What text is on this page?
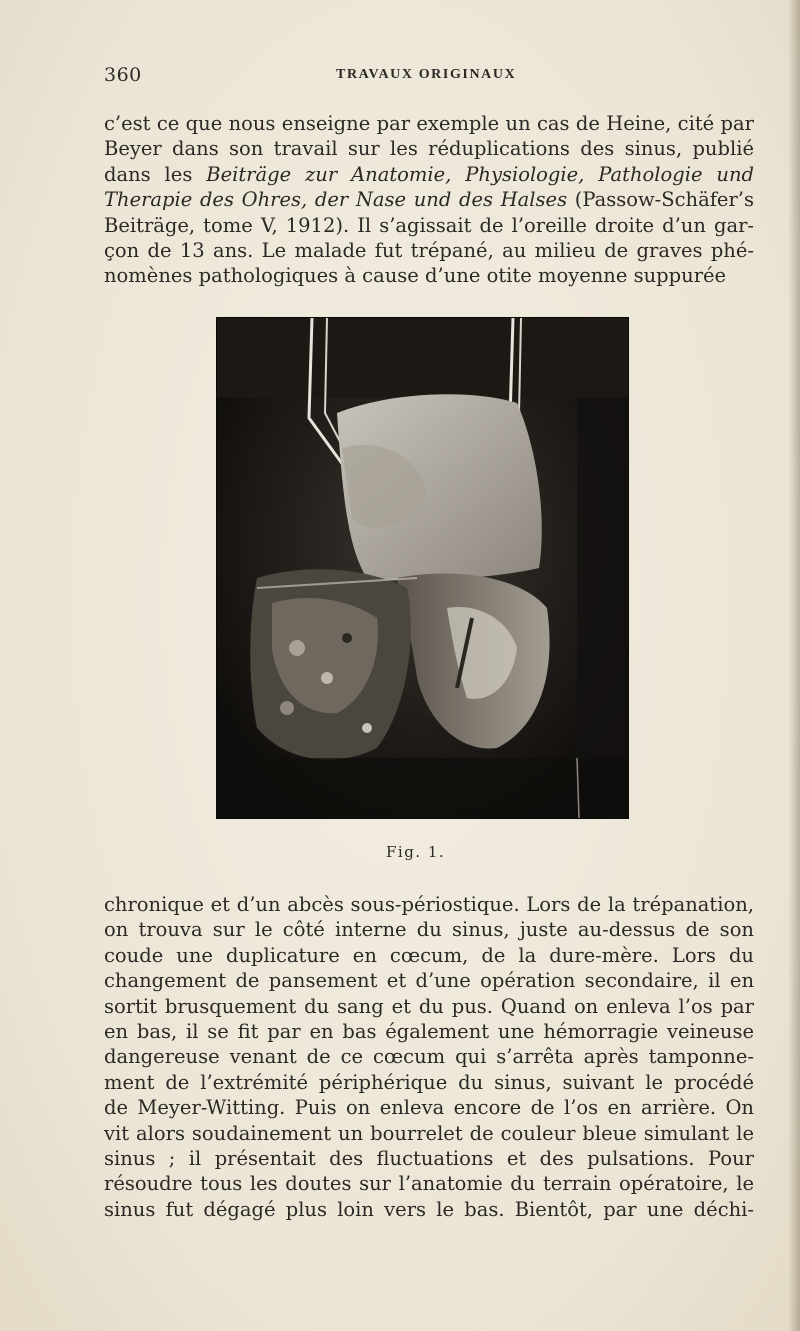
360	TRAVAUX ORIGINAUX
c’est ce que nous enseigne par exemple un cas de Heine, cité par
Beyer dans son travail sur les réduplications des sinus, publié
dans les Beiträge zur Anatomie, Physiologie, Pathologie und
Therapie des Ohres, der Nase und des Halses (Passow-Schäfer’s
Beiträge, tome V, 1912). Il s’agissait de l’oreille droite d’un gar-
çon de 13 ans. Le malade fut trépané, au milieu de graves phé-
nomènes pathologiques à cause d’une otite moyenne suppurée
Fig. 1.
chronique et d’un abcès sous-périostique. Lors de la trépanation,
on trouva sur le côté interne du sinus, juste au-dessus de son
coude une duplicature en cœcum, de la dure-mère. Lors du
changement de pansement et d’une opération secondaire, il en
sortit brusquement du sang et du pus. Quand on enleva l’os par
en bas, il se fit par en bas également une hémorragie veineuse
dangereuse venant de ce cœcum qui s’arrêta après tamponne-
ment de l’extrémité périphérique du sinus, suivant le procédé
de Meyer-Witting. Puis on enleva encore de l’os en arrière. On
vit alors soudainement un bourrelet de couleur bleue simulant le
sinus ; il présentait des fluctuations et des pulsations. Pour
résoudre tous les doutes sur l’anatomie du terrain opératoire, le
sinus fut dégagé plus loin vers le bas. Bientôt, par une déchi-
